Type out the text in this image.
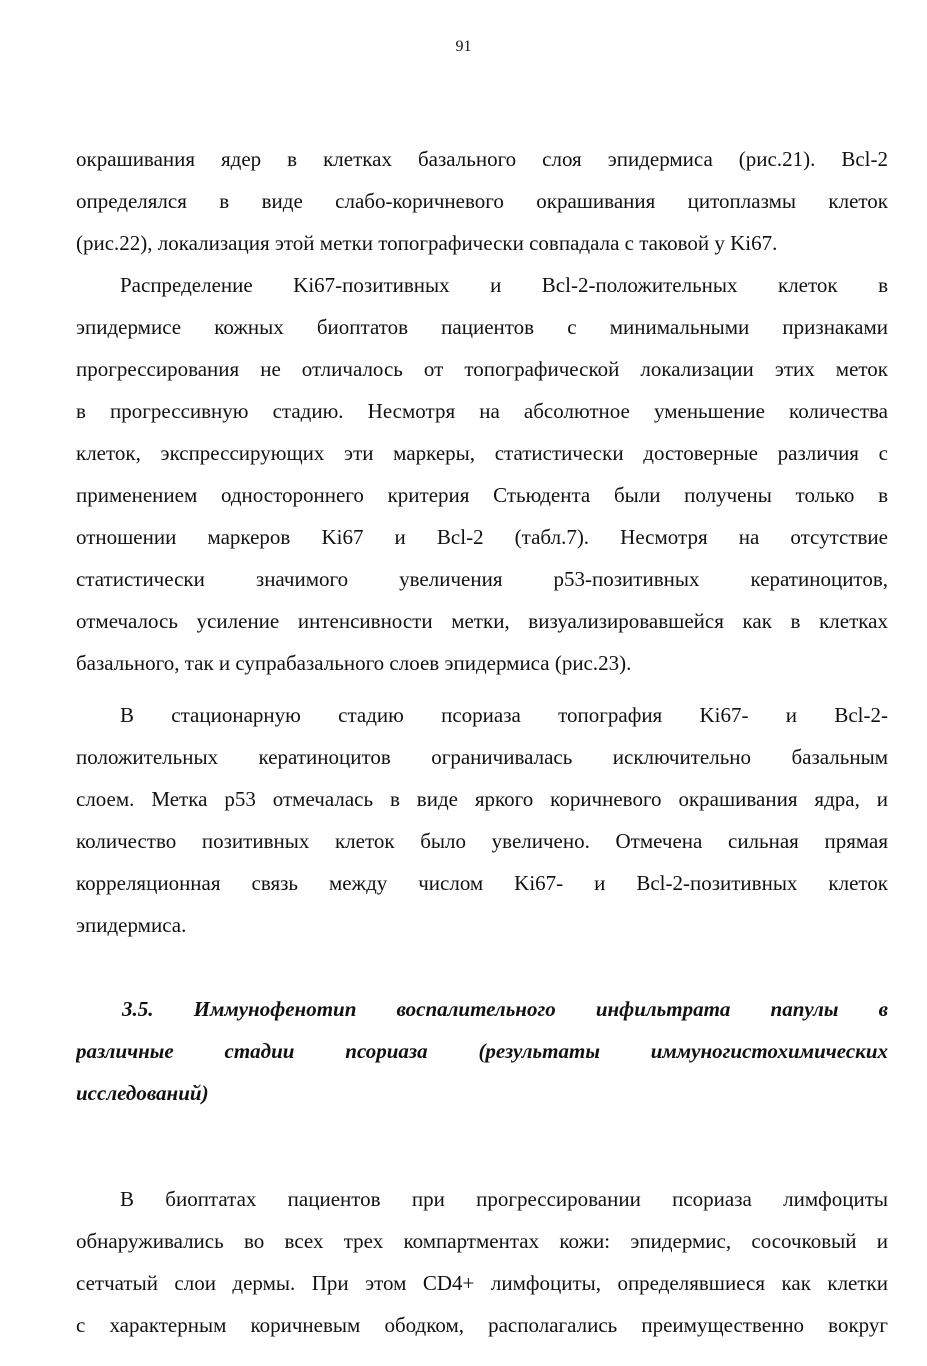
91
окрашивания ядер в клетках базального слоя эпидермиса (рис.21). Bcl-2
определялся в виде слабо-коричневого окрашивания цитоплазмы клеток
(рис.22), локализация этой метки топографически совпадала с таковой у Ki67.
Распределение Ki67-позитивных и Bcl-2-положительных клеток в
эпидермисе кожных биоптатов пациентов с минимальными признаками
прогрессирования не отличалось от топографической локализации этих меток
в прогрессивную стадию. Несмотря на абсолютное уменьшение количества
клеток, экспрессирующих эти маркеры, статистически достоверные различия с
применением одностороннего критерия Стьюдента были получены только в
отношении маркеров Ki67 и Bcl-2 (табл.7). Несмотря на отсутствие
статистически значимого увеличения p53-позитивных кератиноцитов,
отмечалось усиление интенсивности метки, визуализировавшейся как в клетках
базального, так и супрабазального слоев эпидермиса (рис.23).
В стационарную стадию псориаза топография Ki67- и Bcl-2-
положительных кератиноцитов ограничивалась исключительно базальным
слоем. Метка p53 отмечалась в виде яркого коричневого окрашивания ядра, и
количество позитивных клеток было увеличено. Отмечена сильная прямая
корреляционная связь между числом Ki67- и Bcl-2-позитивных клеток
эпидермиса.
3.5. Иммунофенотип воспалительного инфильтрата папулы в
различные стадии псориаза (результаты иммуногистохимических
исследований)
В биоптатах пациентов при прогрессировании псориаза лимфоциты
обнаруживались во всех трех компартментах кожи: эпидермис, сосочковый и
сетчатый слои дермы. При этом CD4+ лимфоциты, определявшиеся как клетки
с характерным коричневым ободком, располагались преимущественно вокруг
